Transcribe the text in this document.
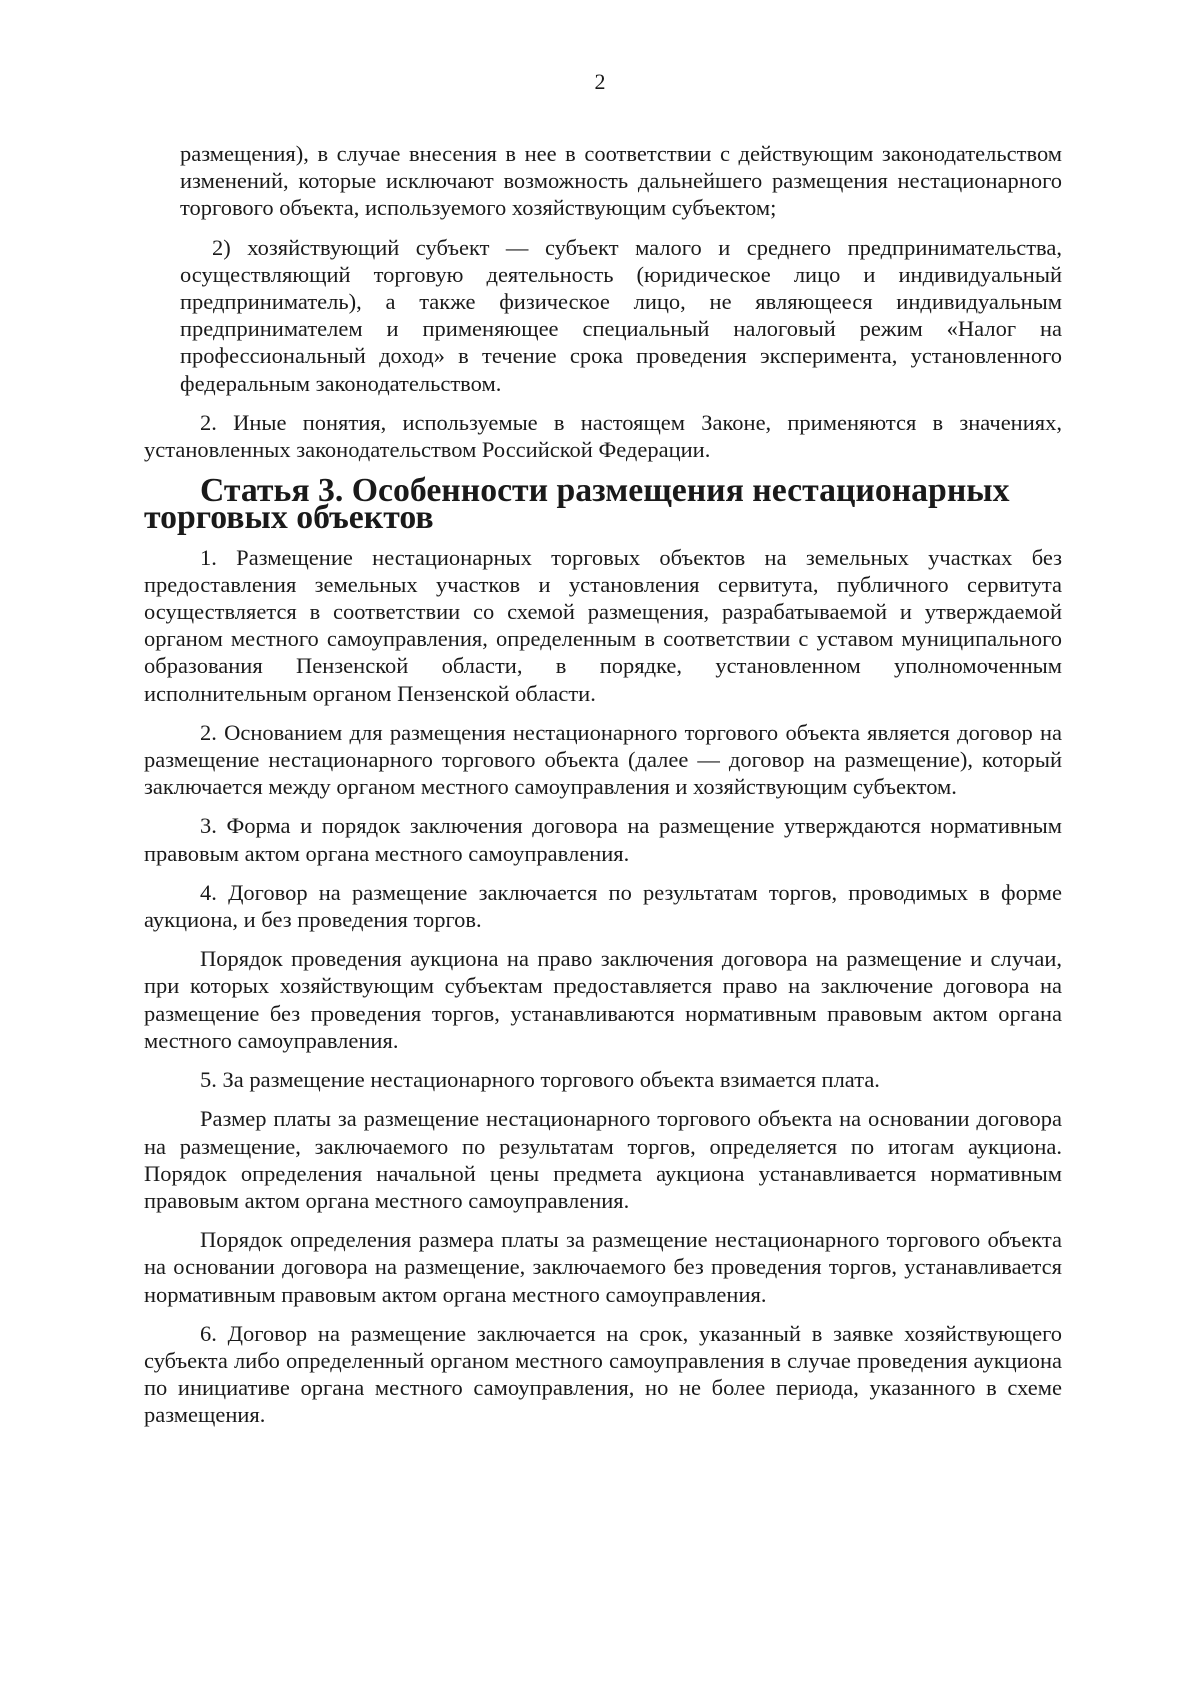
2

размещения), в случае внесения в нее в соответствии с действующим законодательством изменений, которые исключают возможность дальнейшего размещения нестационарного торгового объекта, используемого хозяйствующим субъектом;

2) хозяйствующий субъект — субъект малого и среднего предпринимательства, осуществляющий торговую деятельность (юридическое лицо и индивидуальный предприниматель), а также физическое лицо, не являющееся индивидуальным предпринимателем и применяющее специальный налоговый режим «Налог на профессиональный доход» в течение срока проведения эксперимента, установленного федеральным законодательством.

2. Иные понятия, используемые в настоящем Законе, применяются в значениях, установленных законодательством Российской Федерации.

Статья 3. Особенности размещения нестационарных торговых объектов

1. Размещение нестационарных торговых объектов на земельных участках без предоставления земельных участков и установления сервитута, публичного сервитута осуществляется в соответствии со схемой размещения, разрабатываемой и утверждаемой органом местного самоуправления, определенным в соответствии с уставом муниципального образования Пензенской области, в порядке, установленном уполномоченным исполнительным органом Пензенской области.

2. Основанием для размещения нестационарного торгового объекта является договор на размещение нестационарного торгового объекта (далее — договор на размещение), который заключается между органом местного самоуправления и хозяйствующим субъектом.

3. Форма и порядок заключения договора на размещение утверждаются нормативным правовым актом органа местного самоуправления.

4. Договор на размещение заключается по результатам торгов, проводимых в форме аукциона, и без проведения торгов.

Порядок проведения аукциона на право заключения договора на размещение и случаи, при которых хозяйствующим субъектам предоставляется право на заключение договора на размещение без проведения торгов, устанавливаются нормативным правовым актом органа местного самоуправления.

5. За размещение нестационарного торгового объекта взимается плата.

Размер платы за размещение нестационарного торгового объекта на основании договора на размещение, заключаемого по результатам торгов, определяется по итогам аукциона. Порядок определения начальной цены предмета аукциона устанавливается нормативным правовым актом органа местного самоуправления.

Порядок определения размера платы за размещение нестационарного торгового объекта на основании договора на размещение, заключаемого без проведения торгов, устанавливается нормативным правовым актом органа местного самоуправления.

6. Договор на размещение заключается на срок, указанный в заявке хозяйствующего субъекта либо определенный органом местного самоуправления в случае проведения аукциона по инициативе органа местного самоуправления, но не более периода, указанного в схеме размещения.
